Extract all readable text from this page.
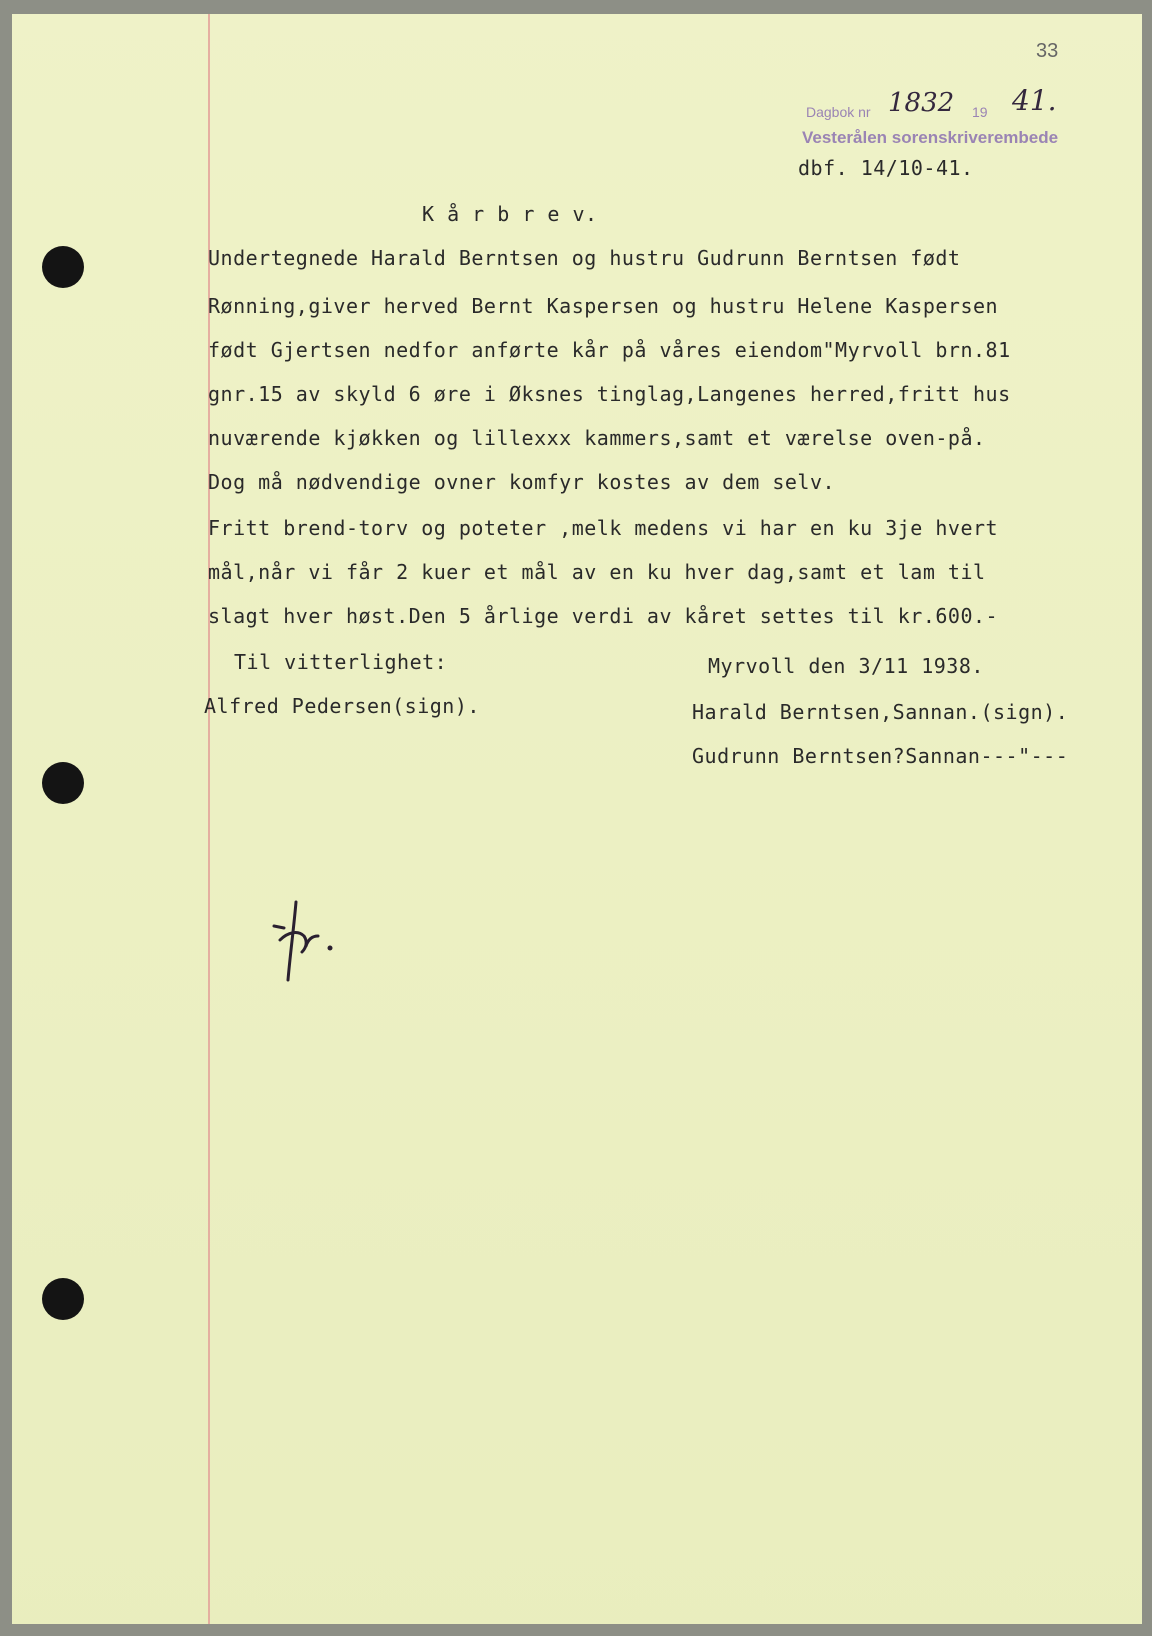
33
Dagbok nr 1832 19 41.
Vesterålen sorenskriverembede
dbf. 14/10-41.
K å r b r e v.
Undertegnede Harald Berntsen og hustru Gudrunn Berntsen født
Rønning,giver herved Bernt Kaspersen og hustru Helene Kaspersen
født Gjertsen nedfor anførte kår på våres eiendom"Myrvoll brn.81
gnr.15 av skyld 6 øre i Øksnes tinglag,Langenes herred,fritt hus
nuværende kjøkken og lillexxx kammers,samt et værelse oven-på.
Dog må nødvendige ovner komfyr kostes av dem selv.
Fritt brend-torv og poteter ,melk medens vi har en ku 3je hvert
mål,når vi får 2 kuer et mål av en ku hver dag,samt et lam til
slagt hver høst.Den 5 årlige verdi av kåret settes til kr.600.-
Til vitterlighet:	Myrvoll den 3/11 1938.
Alfred Pedersen(sign).	Harald Berntsen,Sannan.(sign).
Gudrunn Berntsen?Sannan---"---
